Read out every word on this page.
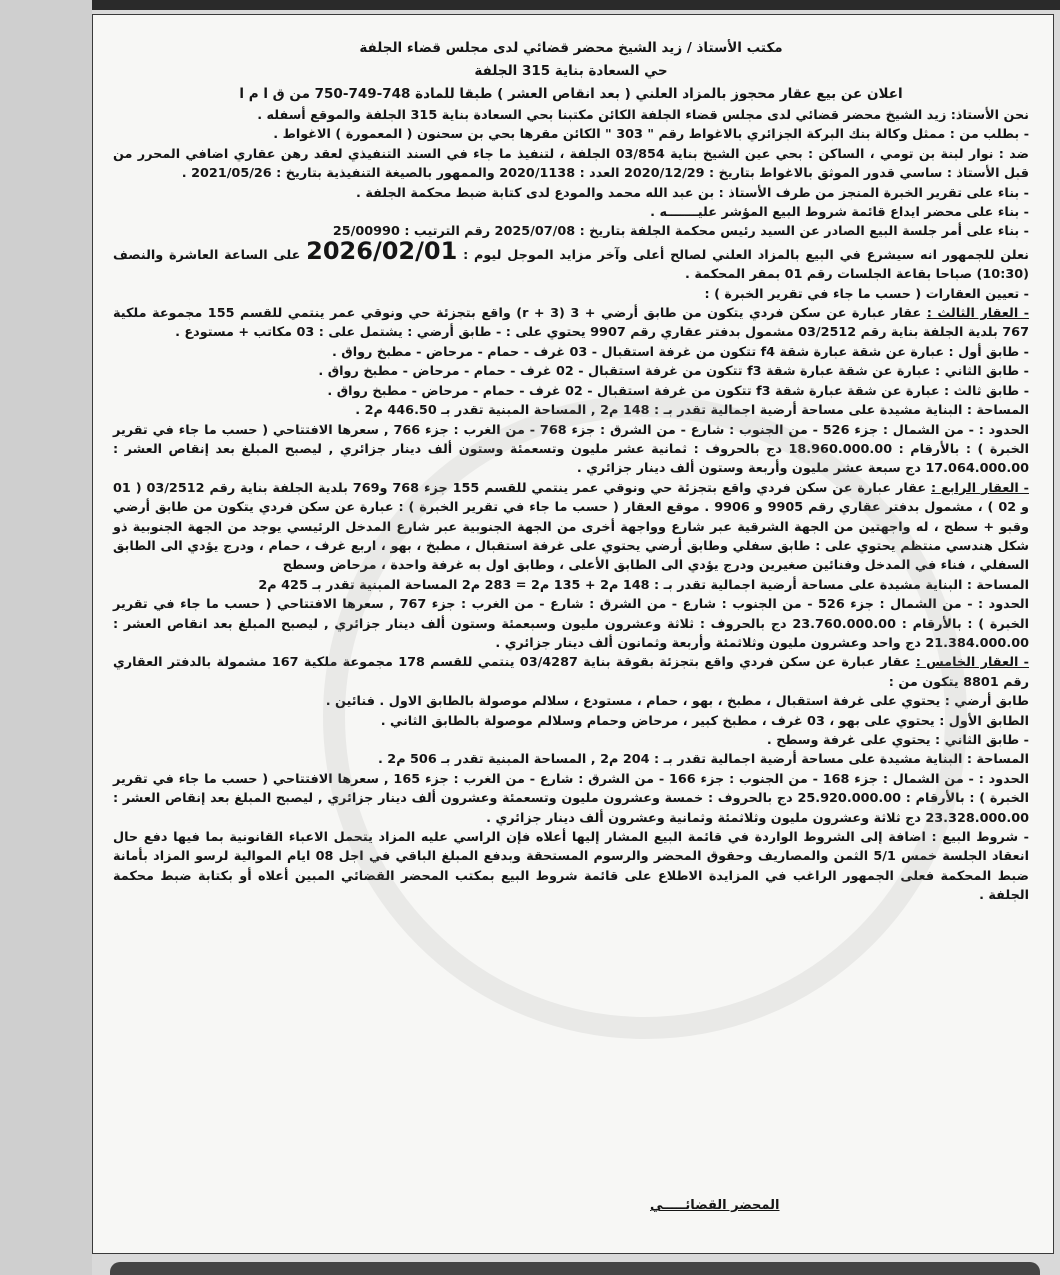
مكتب الأستاذ / زيد الشيخ محضر قضائي لدى مجلس قضاء الجلفة
حي السعادة بناية 315 الجلفة
اعلان عن بيع عقار محجوز بالمزاد العلني ( بعد انقاص العشر ) طبقا للمادة 748-749-750 من ق ا م ا

نحن الأستاذ: زيد الشيخ محضر قضائي لدى مجلس قضاء الجلفة الكائن مكتبنا بحي السعادة بناية 315 الجلفة والموقع أسفله .

- بطلب من : ممثل وكالة بنك البركة الجزائري بالاغواط رقم " 303 " الكائن مقرها بحي بن سحنون ( المعمورة ) الاغواط .

ضد : نوار لبنة بن تومي ، الساكن : بحي عين الشيخ بناية 03/854 الجلفة ، لتنفيذ ما جاء في السند التنفيذي لعقد رهن عقاري اضافي المحرر من قبل الأستاذ : ساسي قدور الموثق بالاغواط بتاريخ : 2020/12/29 العدد : 2020/1138 والممهور بالصيغة التنفيذية بتاريخ : 2021/05/26 .

- بناء على تقرير الخبرة المنجز من طرف الأستاذ : بن عبد الله محمد والمودع لدى كتابة ضبط محكمة الجلفة .

- بناء على محضر ايداع قائمة شروط البيع المؤشر عليـــــــه .

- بناء على أمر جلسة البيع الصادر عن السيد رئيس محكمة الجلفة بتاريخ : 2025/07/08 رقم الترتيب : 25/00990

نعلن للجمهور انه سيشرع في البيع بالمزاد العلني لصالح أعلى وآخر مزايد الموجل ليوم : 2026/02/01 على الساعة العاشرة والنصف (10:30) صباحا بقاعة الجلسات رقم 01 بمقر المحكمة .

- تعيين العقارات ( حسب ما جاء في تقرير الخبرة ) :

- العقار الثالث : عقار عبارة عن سكن فردي يتكون من طابق أرضي + 3 (3 + r) واقع بتجزئة حي ونوقي عمر ينتمي للقسم 155 مجموعة ملكية 767 بلدية الجلفة بناية رقم 03/2512 مشمول بدفتر عقاري رقم 9907 يحتوي على : - طابق أرضي : يشتمل على : 03 مكاتب + مستودع .

- طابق أول : عبارة عن شقة عبارة شقة f4 تتكون من غرفة استقبال - 03 غرف - حمام - مرحاض - مطبخ رواق .

- طابق الثاني : عبارة عن شقة عبارة شقة f3 تتكون من غرفة استقبال - 02 غرف - حمام - مرحاض - مطبخ رواق .

- طابق ثالث : عبارة عن شقة عبارة شقة f3 تتكون من غرفة استقبال - 02 غرف - حمام - مرحاض - مطبخ رواق .

المساحة : البناية مشيدة على مساحة أرضية اجمالية تقدر بـ : 148 م2 , المساحة المبنية تقدر بـ 446.50 م2 .

الحدود : - من الشمال : جزء 526 - من الجنوب : شارع - من الشرق : جزء 768 - من الغرب : جزء 766 , سعرها الافتتاحي ( حسب ما جاء في تقرير الخبرة ) : بالأرقام : 18.960.000.00 دج بالحروف : ثمانية عشر مليون وتسعمئة وستون ألف دينار جزائري , ليصبح المبلغ بعد إنقاص العشر : 17.064.000.00 دج سبعة عشر مليون وأربعة وستون ألف دينار جزائري .

- العقار الرابع : عقار عبارة عن سكن فردي واقع بتجزئة حي ونوقي عمر ينتمي للقسم 155 جزء 768 و769 بلدية الجلفة بناية رقم 03/2512 ( 01 و 02 ) ، مشمول بدفتر عقاري رقم 9905 و 9906 . موقع العقار ( حسب ما جاء في تقرير الخبرة ) : عبارة عن سكن فردي يتكون من طابق أرضي وقبو + سطح ، له واجهتين من الجهة الشرقية عبر شارع وواجهة أخرى من الجهة الجنوبية عبر شارع المدخل الرئيسي يوجد من الجهة الجنوبية ذو شكل هندسي منتظم يحتوي على : طابق سفلي وطابق أرضي يحتوي على غرفة استقبال ، مطبخ ، بهو ، اربع غرف ، حمام ، ودرج يؤدي الى الطابق السفلي ، فناء في المدخل وفنائين صغيرين ودرج يؤدي الى الطابق الأعلى ، وطابق اول به غرفة واحدة ، مرحاض وسطح

المساحة : البناية مشيدة على مساحة أرضية اجمالية تقدر بـ : 148 م2 + 135 م2 = 283 م2 المساحة المبنية تقدر بـ 425 م2

الحدود : - من الشمال : جزء 526 - من الجنوب : شارع - من الشرق : شارع - من الغرب : جزء 767 , سعرها الافتتاحي ( حسب ما جاء في تقرير الخبرة ) : بالأرقام : 23.760.000.00 دج بالحروف : ثلاثة وعشرون مليون وسبعمئة وستون ألف دينار جزائري , ليصبح المبلغ بعد انقاص العشر : 21.384.000.00 دج واحد وعشرون مليون وثلاثمئة وأربعة وثمانون ألف دينار جزائري .

- العقار الخامس : عقار عبارة عن سكن فردي واقع بتجزئة بقوقة بناية 03/4287 ينتمي للقسم 178 مجموعة ملكية 167 مشمولة بالدفتر العقاري رقم 8801 يتكون من :

طابق أرضي : يحتوي على غرفة استقبال ، مطبخ ، بهو ، حمام ، مستودع ، سلالم موصولة بالطابق الاول . فنائين .

الطابق الأول : يحتوي على بهو ، 03 غرف ، مطبخ كبير ، مرحاض وحمام وسلالم موصولة بالطابق الثاني .

- طابق الثاني : يحتوي على غرفة وسطح .

المساحة : البناية مشيدة على مساحة أرضية اجمالية تقدر بـ : 204 م2 , المساحة المبنية تقدر بـ 506 م2 .

الحدود : - من الشمال : جزء 168 - من الجنوب : جزء 166 - من الشرق : شارع - من الغرب : جزء 165 , سعرها الافتتاحي ( حسب ما جاء في تقرير الخبرة ) : بالأرقام : 25.920.000.00 دج بالحروف : خمسة وعشرون مليون وتسعمئة وعشرون ألف دينار جزائري , ليصبح المبلغ بعد إنقاص العشر : 23.328.000.00 دج ثلاثة وعشرون مليون وثلاثمئة وثمانية وعشرون ألف دينار جزائري .

- شروط البيع : اضافة إلى الشروط الواردة في قائمة البيع المشار إليها أعلاه فإن الراسي عليه المزاد يتحمل الاعباء القانونية بما فيها دفع حال انعقاد الجلسة خمس 5/1 الثمن والمصاريف وحقوق المحضر والرسوم المستحقة وبدفع المبلغ الباقي في اجل 08 ايام الموالية لرسو المزاد بأمانة ضبط المحكمة فعلى الجمهور الراغب في المزايدة الاطلاع على قائمة شروط البيع بمكتب المحضر القضائي المبين أعلاه أو بكتابة ضبط محكمة الجلفة .

المحضر القضائـــــي
